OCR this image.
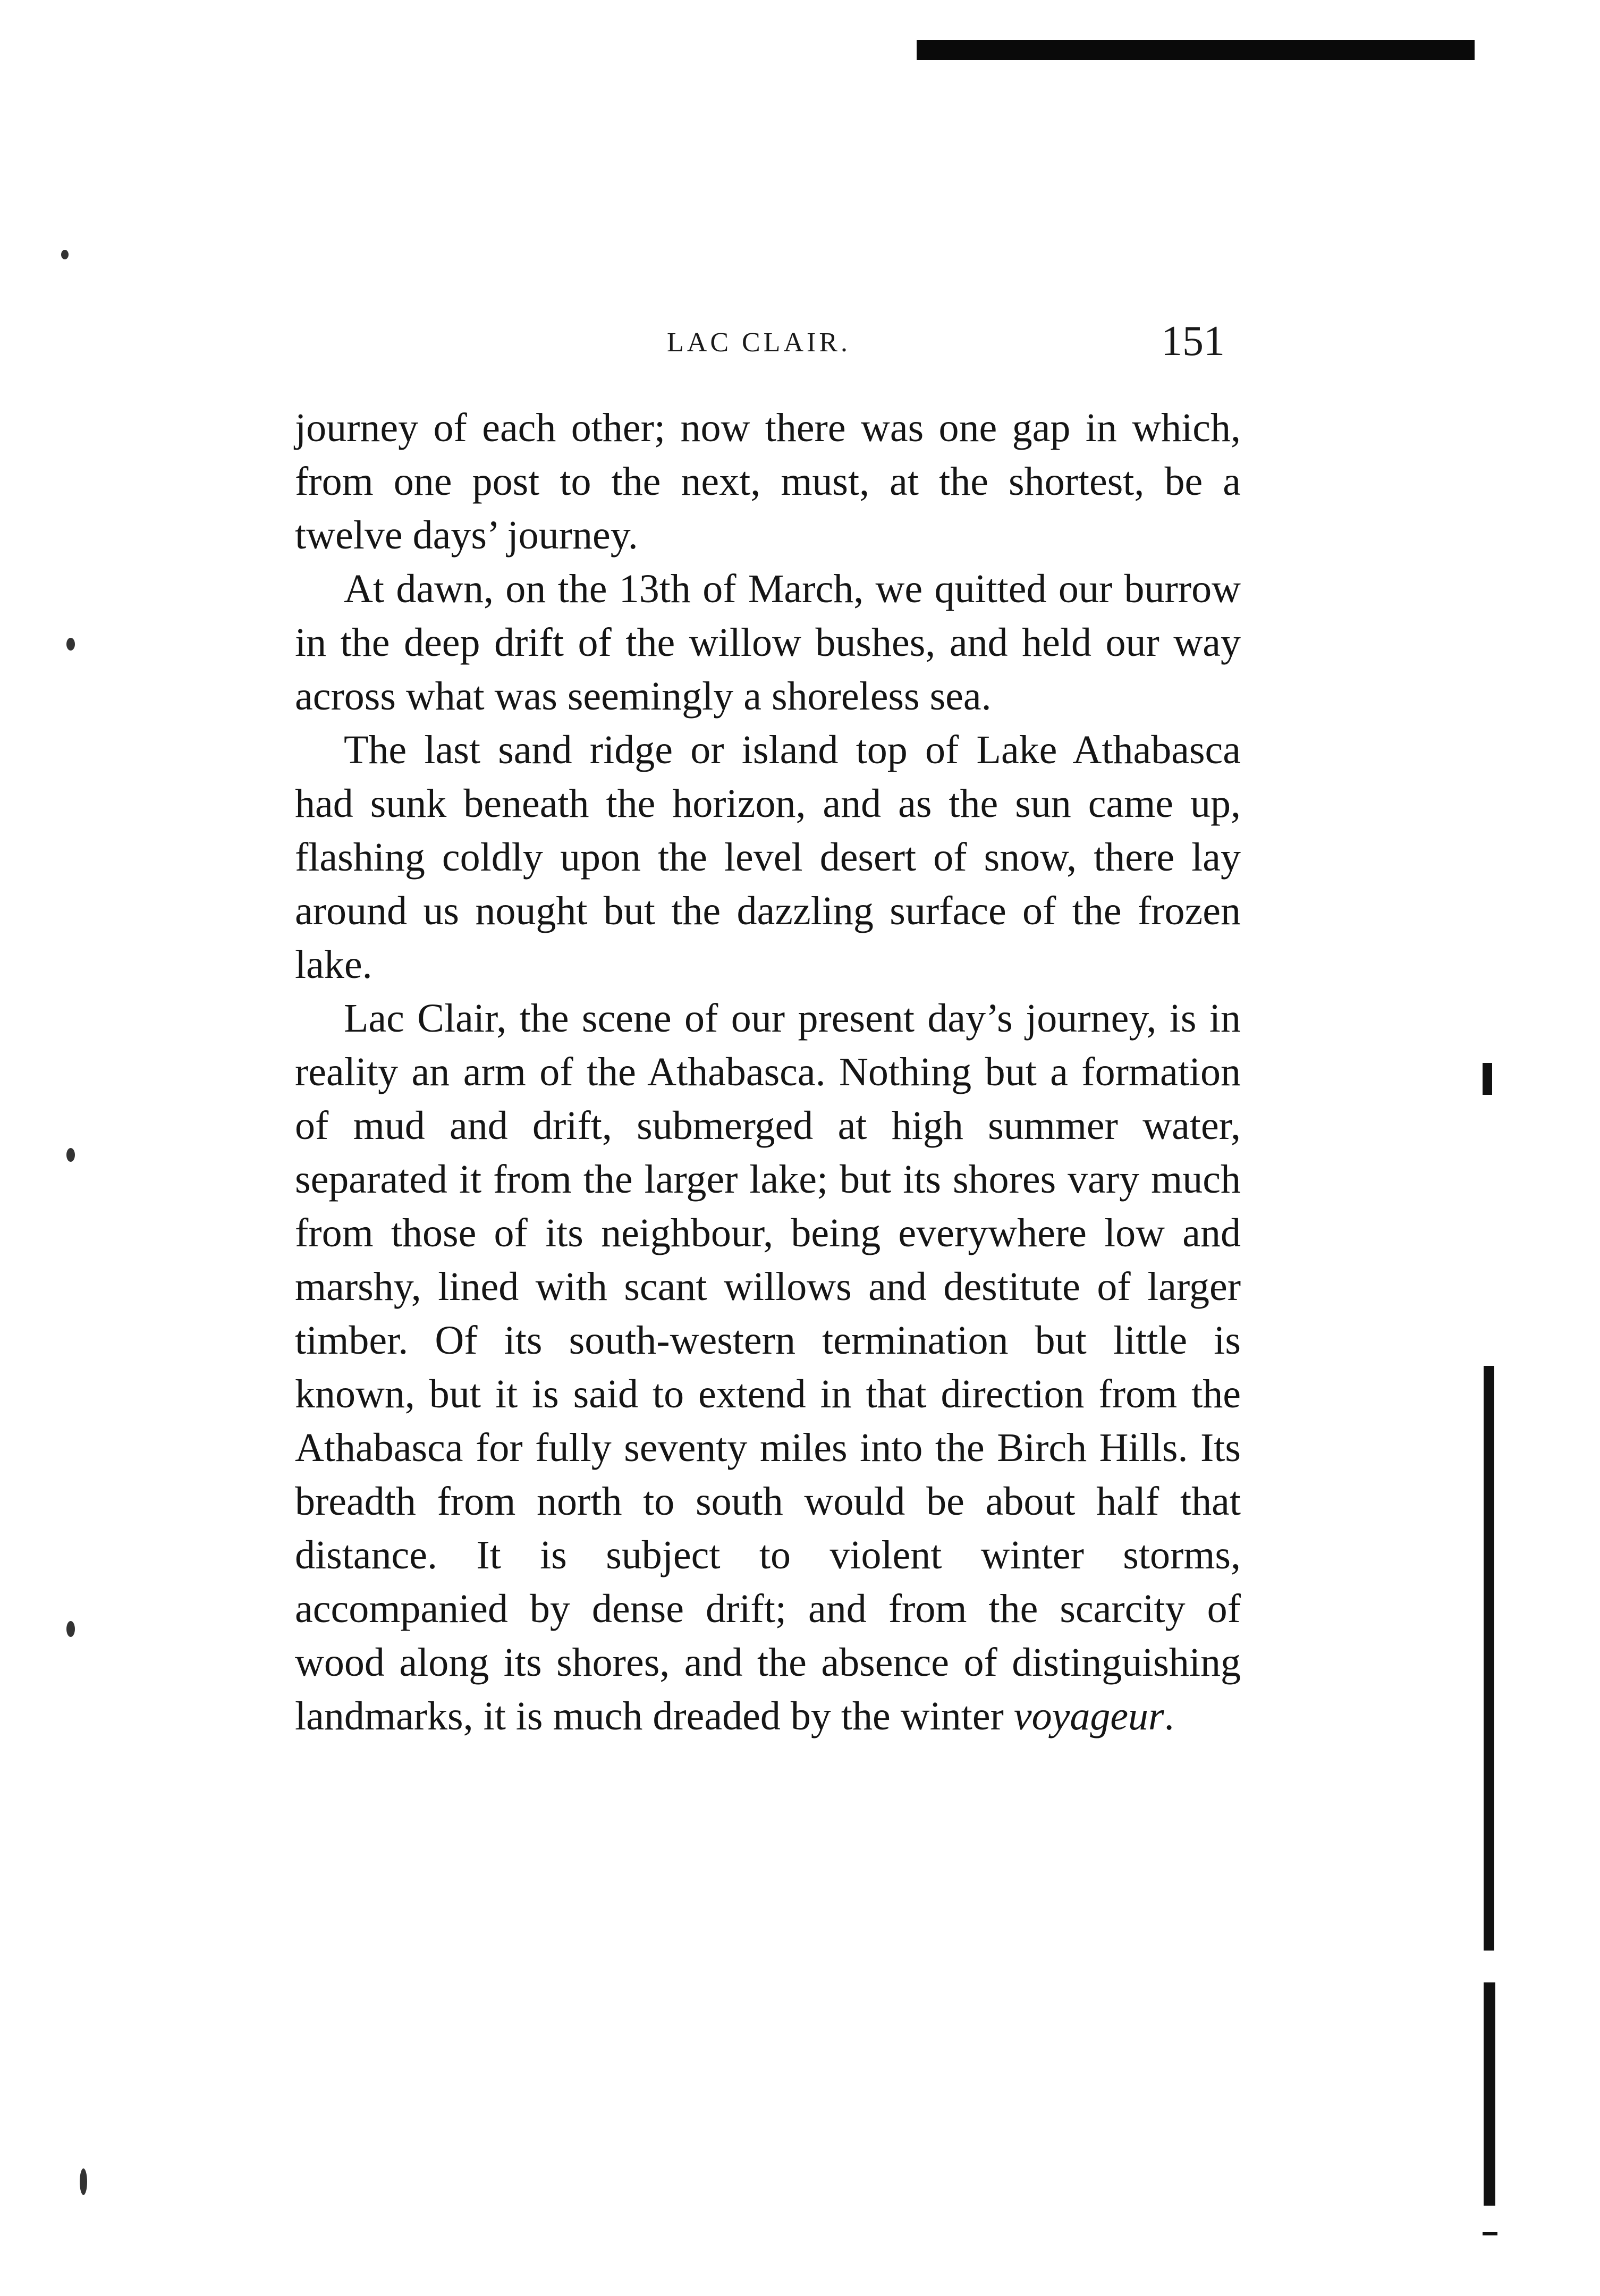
LAC CLAIR.	151

journey of each other; now there was one gap in which, from one post to the next, must, at the shortest, be a twelve days’ journey.

At dawn, on the 13th of March, we quitted our burrow in the deep drift of the willow bushes, and held our way across what was seemingly a shoreless sea.

The last sand ridge or island top of Lake Athabasca had sunk beneath the horizon, and as the sun came up, flashing coldly upon the level desert of snow, there lay around us nought but the dazzling surface of the frozen lake.

Lac Clair, the scene of our present day’s journey, is in reality an arm of the Athabasca. Nothing but a formation of mud and drift, submerged at high summer water, separated it from the larger lake; but its shores vary much from those of its neighbour, being everywhere low and marshy, lined with scant willows and destitute of larger timber. Of its south-western termination but little is known, but it is said to extend in that direction from the Athabasca for fully seventy miles into the Birch Hills. Its breadth from north to south would be about half that distance. It is subject to violent winter storms, accompanied by dense drift; and from the scarcity of wood along its shores, and the absence of distinguishing landmarks, it is much dreaded by the winter voyageur.
